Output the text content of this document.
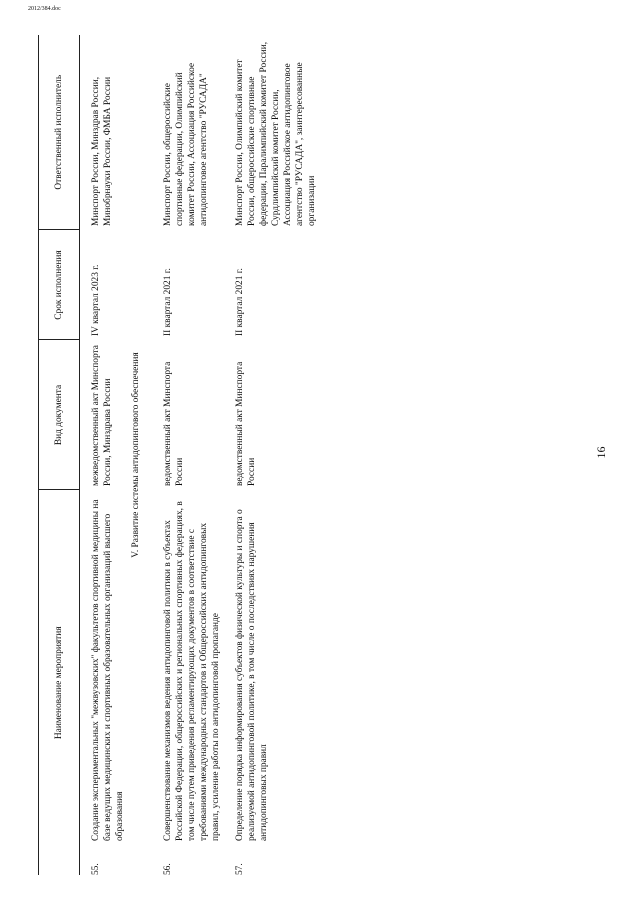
16
Наименование мероприятия		Вид документа	Срок исполнения	Ответственный исполнитель

55.	Создание экспериментальных "межвузовских" факультетов спортивной медицины на базе ведущих медицинских и спортивных образовательных организаций высшего образования	межведомственный акт Минспорта России, Минздрава России	IV квартал 2023 г.	Минспорт России, Минздрав России, Минобрнауки России, ФМБА России
V. Развитие системы антидопингового обеспечения				

56.	Совершенствование механизмов ведения антидопинговой политики в субъектах Российской Федерации, общероссийских и региональных спортивных федерациях, в том числе путем приведения регламентирующих документов в соответствие с требованиями международных стандартов и Общероссийских антидопинговых правил, усиление работы по антидопинговой пропаганде	ведомственный акт Минспорта России	II квартал 2021 г.	Минспорт России, общероссийские спортивные федерации, Олимпийский комитет России, Ассоциация Российское антидопинговое агентство "РУСАДА"

57.	Определение порядка информирования субъектов физической культуры и спорта о реализуемой антидопинговой политике, в том числе о последствиях нарушения антидопинговых правил	ведомственный акт Минспорта России	II квартал 2021 г.	Минспорт России, Олимпийский комитет России, общероссийские спортивные федерации, Паралимпийский комитет России, Сурдлимпийский комитет России, Ассоциация Российское антидопинговое агентство "РУСАДА", заинтересованные организации
2012/384.doc
